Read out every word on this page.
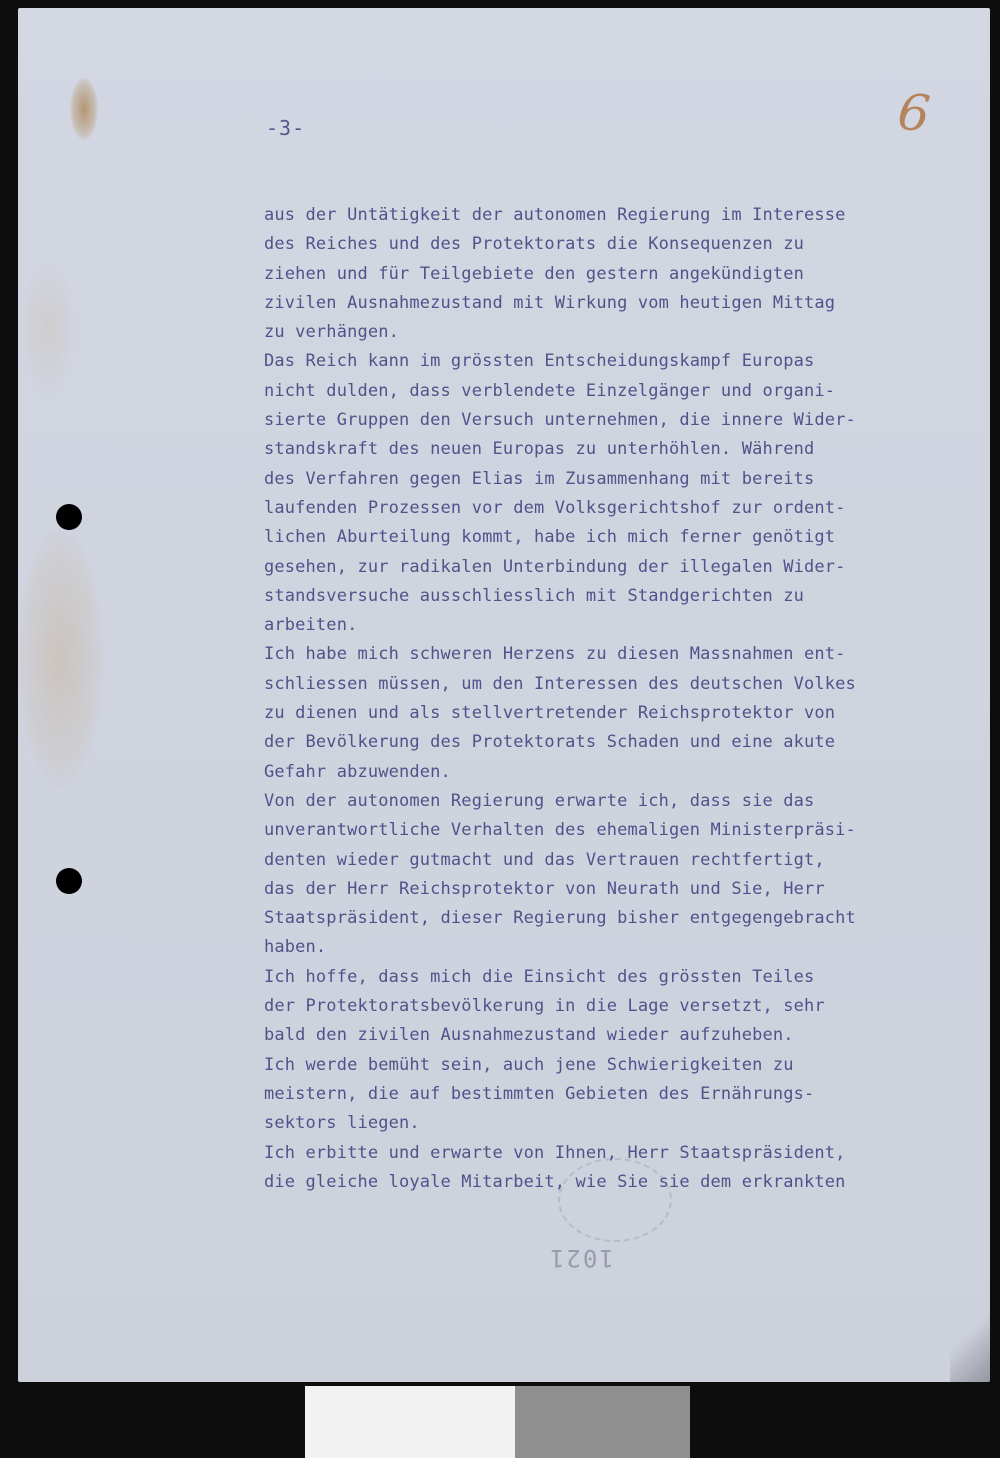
-3-	6
aus der Untätigkeit der autonomen Regierung im Interesse
des Reiches und des Protektorats die Konsequenzen zu
ziehen und für Teilgebiete den gestern angekündigten
zivilen Ausnahmezustand mit Wirkung vom heutigen Mittag
zu verhängen.
Das Reich kann im grössten Entscheidungskampf Europas
nicht dulden, dass verblendete Einzelgänger und organi-
sierte Gruppen den Versuch unternehmen, die innere Wider-
standskraft des neuen Europas zu unterhöhlen. Während
des Verfahren gegen Elias im Zusammenhang mit bereits
laufenden Prozessen vor dem Volksgerichtshof zur ordent-
lichen Aburteilung kommt, habe ich mich ferner genötigt
gesehen, zur radikalen Unterbindung der illegalen Wider-
standsversuche ausschliesslich mit Standgerichten zu
arbeiten.
Ich habe mich schweren Herzens zu diesen Massnahmen ent-
schliessen müssen, um den Interessen des deutschen Volkes
zu dienen und als stellvertretender Reichsprotektor von
der Bevölkerung des Protektorats Schaden und eine akute
Gefahr abzuwenden.
Von der autonomen Regierung erwarte ich, dass sie das
unverantwortliche Verhalten des ehemaligen Ministerpräsi-
denten wieder gutmacht und das Vertrauen rechtfertigt,
das der Herr Reichsprotektor von Neurath und Sie, Herr
Staatspräsident, dieser Regierung bisher entgegengebracht
haben.
Ich hoffe, dass mich die Einsicht des grössten Teiles
der Protektoratsbevölkerung in die Lage versetzt, sehr
bald den zivilen Ausnahmezustand wieder aufzuheben.
Ich werde bemüht sein, auch jene Schwierigkeiten zu
meistern, die auf bestimmten Gebieten des Ernährungs-
sektors liegen.
Ich erbitte und erwarte von Ihnen, Herr Staatspräsident,
die gleiche loyale Mitarbeit, wie Sie sie dem erkrankten
1021
